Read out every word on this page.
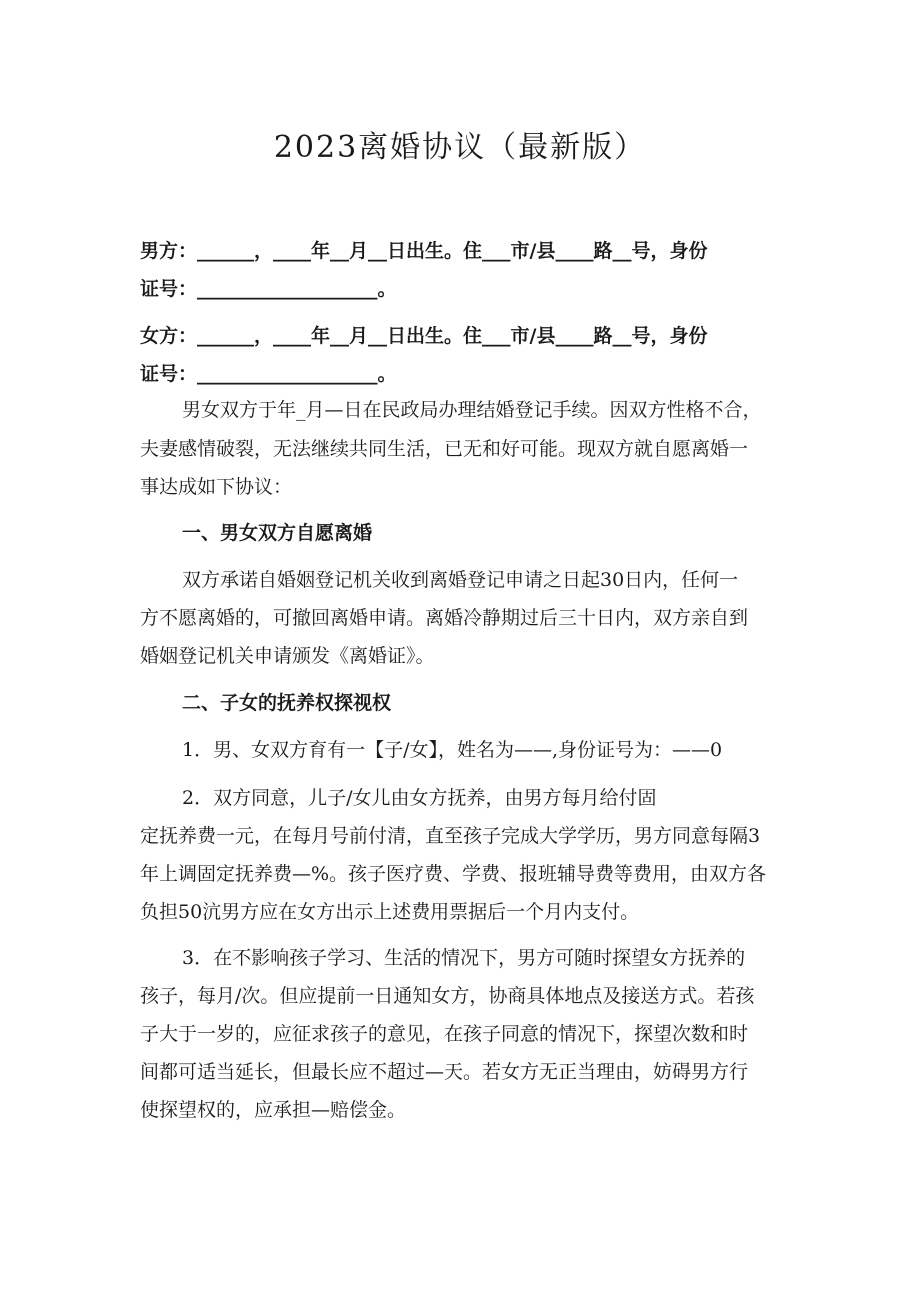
2023离婚协议（最新版）
男方：______，____年__月__日出生。住___市/县____路__号，身份
证号：___________________。
女方：______，____年__月__日出生。住___市/县____路__号，身份
证号：___________________。
男女双方于年_月—日在民政局办理结婚登记手续。因双方性格不合，
夫妻感情破裂，无法继续共同生活，已无和好可能。现双方就自愿离婚一
事达成如下协议：
一、男女双方自愿离婚
双方承诺自婚姻登记机关收到离婚登记申请之日起30日内，任何一
方不愿离婚的，可撤回离婚申请。离婚冷静期过后三十日内，双方亲自到
婚姻登记机关申请颁发《离婚证》。
二、子女的抚养权探视权
1．男、女双方育有一【子/女】，姓名为——,身份证号为：——0
2．双方同意，儿子/女儿由女方抚养，由男方每月给付固
定抚养费一元，在每月号前付清，直至孩子完成大学学历，男方同意每隔3
年上调固定抚养费—%。孩子医疗费、学费、报班辅导费等费用，由双方各
负担50沆男方应在女方出示上述费用票据后一个月内支付。
3．在不影响孩子学习、生活的情况下，男方可随时探望女方抚养的
孩子，每月/次。但应提前一日通知女方，协商具体地点及接送方式。若孩
子大于一岁的，应征求孩子的意见，在孩子同意的情况下，探望次数和时
间都可适当延长，但最长应不超过—天。若女方无正当理由，妨碍男方行
使探望权的，应承担—赔偿金。
